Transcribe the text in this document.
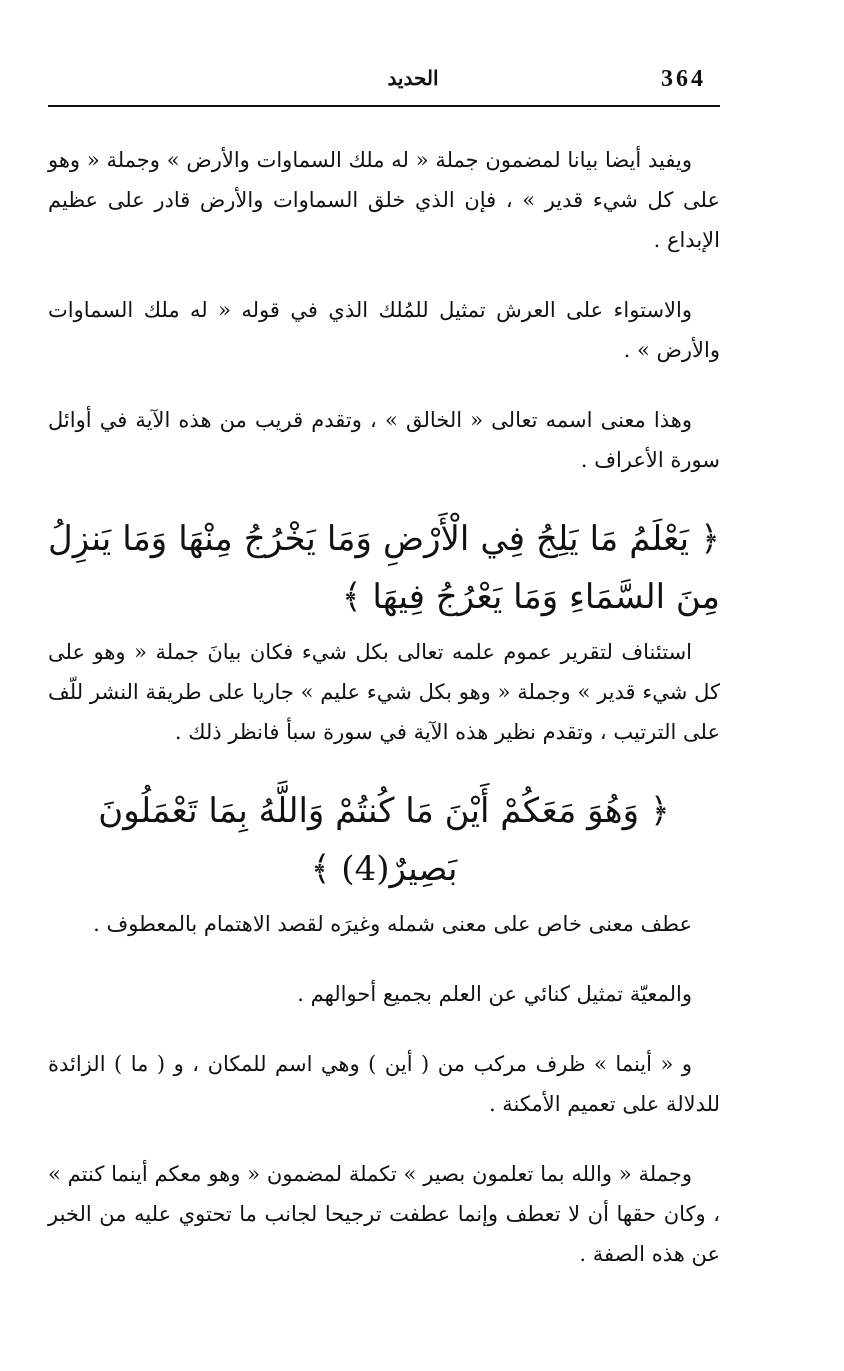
364
الحديد

ويفيد أيضا بيانا لمضمون جملة « له ملك السماوات والأرض » وجملة « وهو على كل شيء قدير » ، فإن الذي خلق السماوات والأرض قادر على عظيم الإبداع .

والاستواء على العرش تمثيل للمُلك الذي في قوله « له ملك السماوات والأرض » .

وهذا معنى اسمه تعالى « الخالق » ، وتقدم قريب من هذه الآية في أوائل سورة الأعراف .

﴿ يَعْلَمُ مَا يَلِجُ فِي الْأَرْضِ وَمَا يَخْرُجُ مِنْهَا وَمَا يَنزِلُ مِنَ السَّمَاءِ وَمَا يَعْرُجُ فِيهَا ﴾

استئناف لتقرير عموم علمه تعالى بكل شيء فكان بيانَ جملة « وهو على كل شيء قدير » وجملة « وهو بكل شيء عليم » جاريا على طريقة النشر للّف على الترتيب ، وتقدم نظير هذه الآية في سورة سبأ فانظر ذلك .

﴿ وَهُوَ مَعَكُمْ أَيْنَ مَا كُنتُمْ وَاللَّهُ بِمَا تَعْمَلُونَ بَصِيرٌ(4) ﴾

عطف معنى خاص على معنى شمله وغيرَه لقصد الاهتمام بالمعطوف .

والمعيّة تمثيل كنائي عن العلم بجميع أحوالهم .

و « أينما » ظرف مركب من ( أين ) وهي اسم للمكان ، و ( ما ) الزائدة للدلالة على تعميم الأمكنة .

وجملة « والله بما تعلمون بصير » تكملة لمضمون « وهو معكم أينما كنتم » ، وكان حقها أن لا تعطف وإنما عطفت ترجيحا لجانب ما تحتوي عليه من الخبر عن هذه الصفة .
